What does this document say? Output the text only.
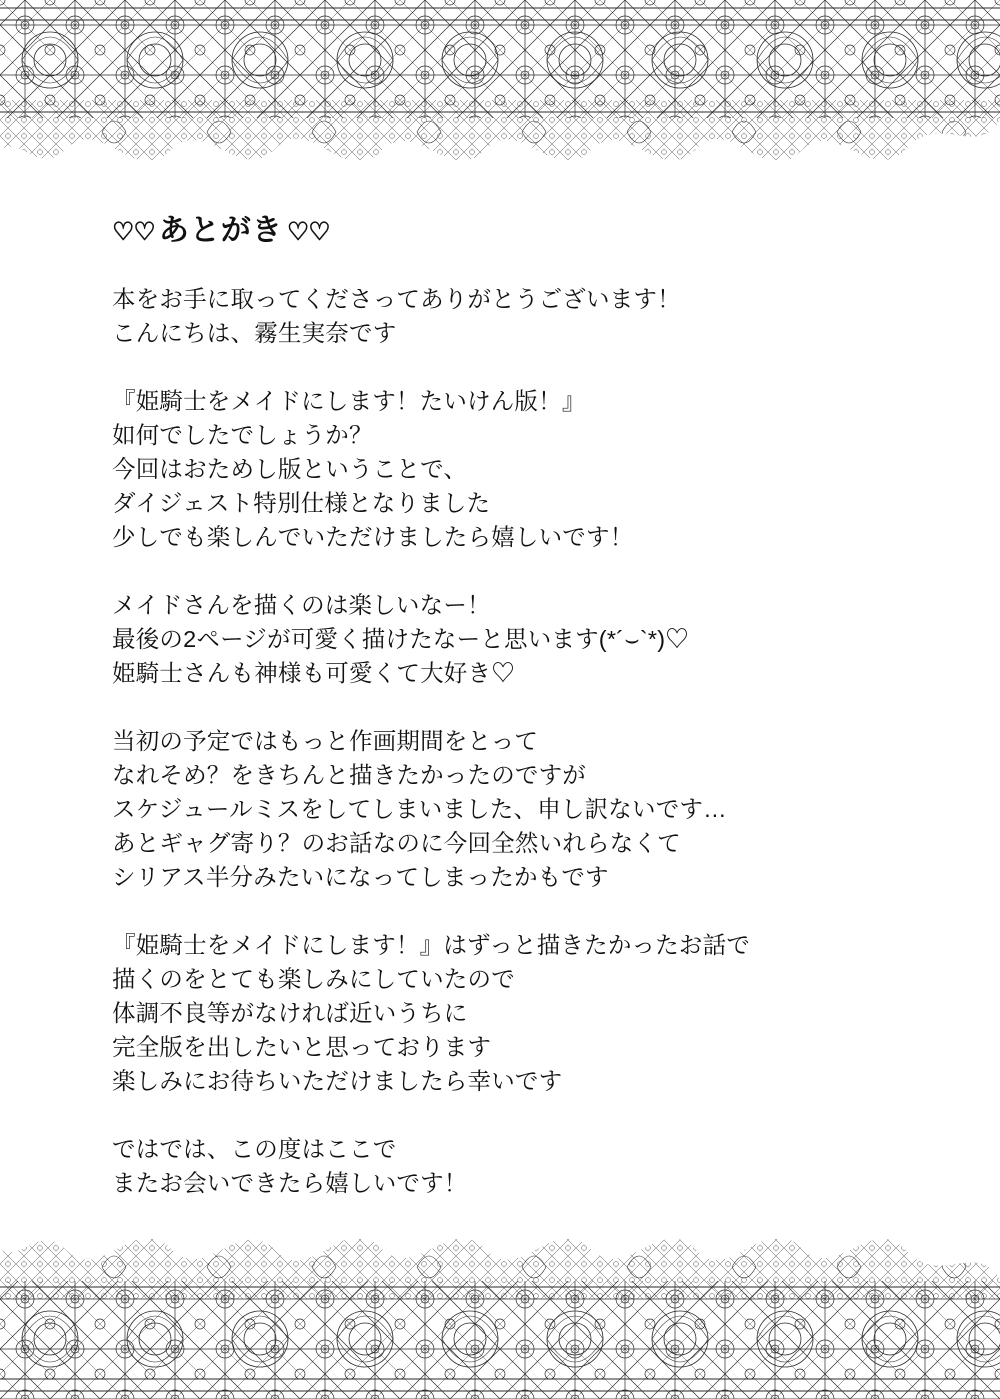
♡♡ あとがき ♡♡

本をお手に取ってくださってありがとうございます！
こんにちは、霧生実奈です

『姫騎士をメイドにします！たいけん版！』
如何でしたでしょうか？
今回はおためし版ということで、
ダイジェスト特別仕様となりました
少しでも楽しんでいただけましたら嬉しいです！

メイドさんを描くのは楽しいなー！
最後の2ページが可愛く描けたなーと思います(*´⌣`*)♡
姫騎士さんも神様も可愛くて大好き♡

当初の予定ではもっと作画期間をとって
なれそめ？をきちんと描きたかったのですが
スケジュールミスをしてしまいました、申し訳ないです…
あとギャグ寄り？のお話なのに今回全然いれらなくて
シリアス半分みたいになってしまったかもです

『姫騎士をメイドにします！』はずっと描きたかったお話で
描くのをとても楽しみにしていたので
体調不良等がなければ近いうちに
完全版を出したいと思っております
楽しみにお待ちいただけましたら幸いです

ではでは、この度はここで
またお会いできたら嬉しいです！
